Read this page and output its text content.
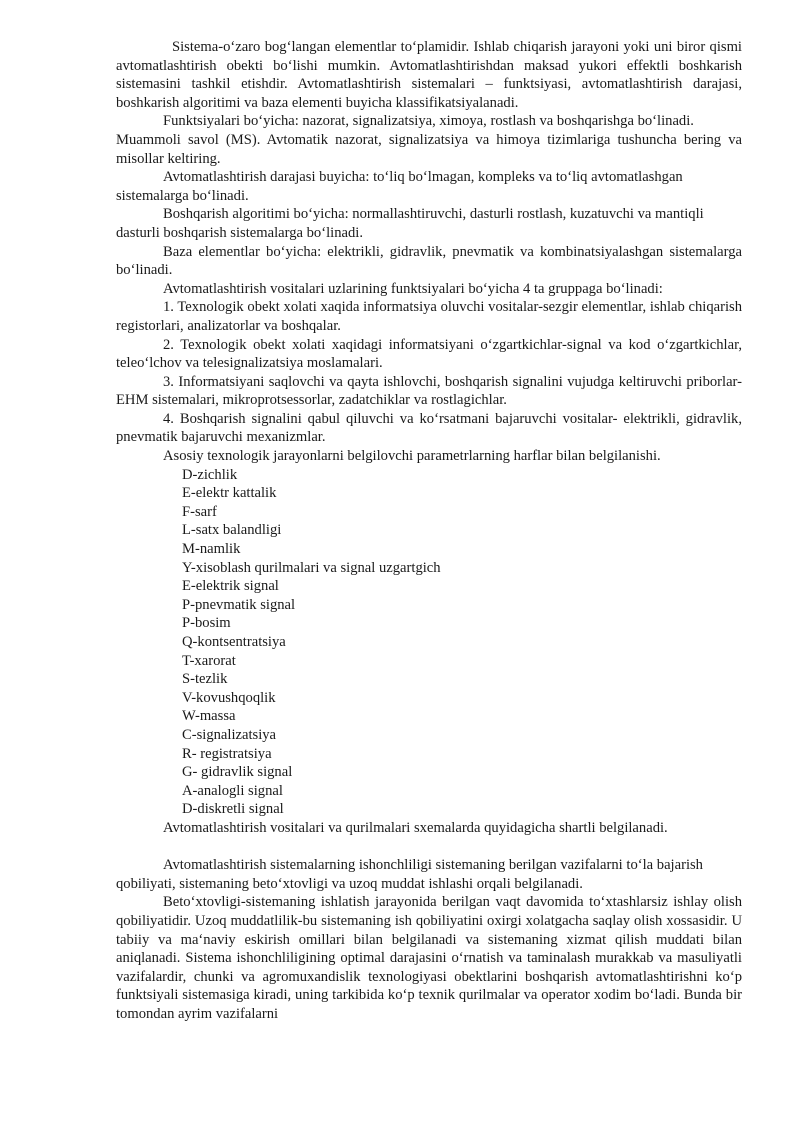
Sistema-o‘zaro bog‘langan elementlar to‘plamidir. Ishlab chiqarish jarayoni yoki uni biror qismi avtomatlashtirish obekti bo‘lishi mumkin. Avtomatlashtirishdan maksad yukori effektli boshkarish sistemasini tashkil etishdir. Avtomatlashtirish sistemalari – funktsiyasi, avtomatlashtirish darajasi, boshkarish algoritimi va baza elementi buyicha klassifikatsiyalanadi.

Funktsiyalari bo‘yicha: nazorat, signalizatsiya, ximoya, rostlash va boshqarishga bo‘linadi.

Muammoli savol (MS). Avtomatik nazorat, signalizatsiya va himoya tizimlariga tushuncha bering va misollar keltiring.

Avtomatlashtirish darajasi buyicha: to‘liq bo‘lmagan, kompleks va to‘liq avtomatlashgan sistemalarga bo‘linadi.

Boshqarish algoritimi bo‘yicha: normallashtiruvchi, dasturli rostlash, kuzatuvchi va mantiqli dasturli boshqarish sistemalarga bo‘linadi.

Baza elementlar bo‘yicha: elektrikli, gidravlik, pnevmatik va kombinatsiyalashgan sistemalarga bo‘linadi.

Avtomatlashtirish vositalari uzlarining funktsiyalari bo‘yicha 4 ta gruppaga bo‘linadi:

1. Texnologik obekt xolati xaqida informatsiya oluvchi vositalar-sezgir elementlar, ishlab chiqarish registorlari, analizatorlar va boshqalar.

2. Texnologik obekt xolati xaqidagi informatsiyani o‘zgartkichlar-signal va kod o‘zgartkichlar, teleo‘lchov va telesignalizatsiya moslamalari.

3. Informatsiyani saqlovchi va qayta ishlovchi, boshqarish signalini vujudga keltiruvchi priborlar-EHM sistemalari, mikroprotsessorlar, zadatchiklar va rostlagichlar.

4. Boshqarish signalini qabul qiluvchi va ko‘rsatmani bajaruvchi vositalar- elektrikli, gidravlik, pnevmatik bajaruvchi mexanizmlar.

Asosiy texnologik jarayonlarni belgilovchi parametrlarning harflar bilan belgilanishi.

D-zichlik
E-elektr kattalik
F-sarf
L-satx balandligi
M-namlik
Y-xisoblash qurilmalari va signal uzgartgich
E-elektrik signal
P-pnevmatik signal
P-bosim
Q-kontsentratsiya
T-xarorat
S-tezlik
V-kovushqoqlik
W-massa
C-signalizatsiya
R- registratsiya
G- gidravlik signal
A-analogli signal
D-diskretli signal

Avtomatlashtirish vositalari va qurilmalari sxemalarda quyidagicha shartli belgilanadi.

Avtomatlashtirish sistemalarning ishonchliligi sistemaning berilgan vazifalarni to‘la bajarish qobiliyati, sistemaning beto‘xtovligi va uzoq muddat ishlashi orqali belgilanadi.

Beto‘xtovligi-sistemaning ishlatish jarayonida berilgan vaqt davomida to‘xtashlarsiz ishlay olish qobiliyatidir. Uzoq muddatlilik-bu sistemaning ish qobiliyatini oxirgi xolatgacha saqlay olish xossasidir. U tabiiy va ma‘naviy eskirish omillari bilan belgilanadi va sistemaning xizmat qilish muddati bilan aniqlanadi. Sistema ishonchliligining optimal darajasini o‘rnatish va taminalash murakkab va masuliyatli vazifalardir, chunki va agromuxandislik texnologiyasi obektlarini boshqarish avtomatlashtirishni ko‘p funktsiyali sistemasiga kiradi, uning tarkibida ko‘p texnik qurilmalar va operator xodim bo‘ladi. Bunda bir tomondan ayrim vazifalarni
